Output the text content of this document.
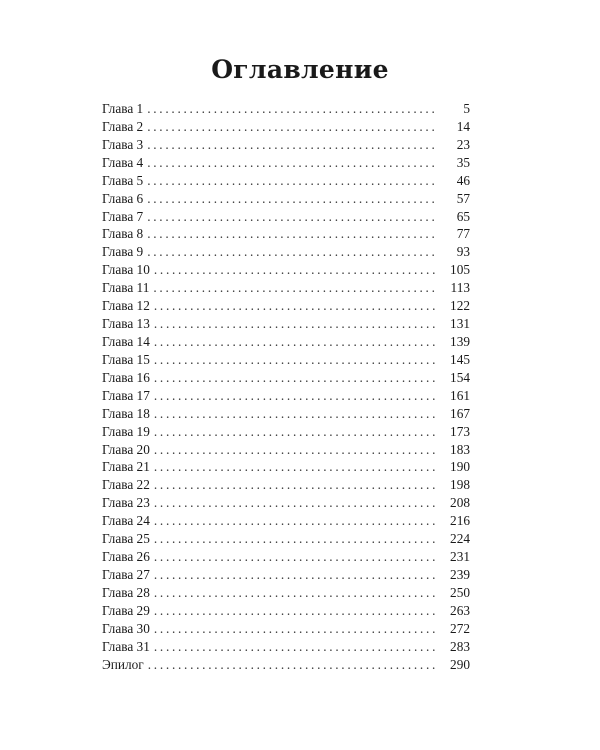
Оглавление
Глава 1 . . .	5
Глава 2 . . .	14
Глава 3 . . .	23
Глава 4 . . .	35
Глава 5 . . .	46
Глава 6 . . .	57
Глава 7 . . .	65
Глава 8 . . .	77
Глава 9 . . .	93
Глава 10 . . .	105
Глава 11 . . .	113
Глава 12 . . .	122
Глава 13 . . .	131
Глава 14 . . .	139
Глава 15 . . .	145
Глава 16 . . .	154
Глава 17 . . .	161
Глава 18 . . .	167
Глава 19 . . .	173
Глава 20 . . .	183
Глава 21 . . .	190
Глава 22 . . .	198
Глава 23 . . .	208
Глава 24 . . .	216
Глава 25 . . .	224
Глава 26 . . .	231
Глава 27 . . .	239
Глава 28 . . .	250
Глава 29 . . .	263
Глава 30 . . .	272
Глава 31 . . .	283
Эпилог . . .	290
